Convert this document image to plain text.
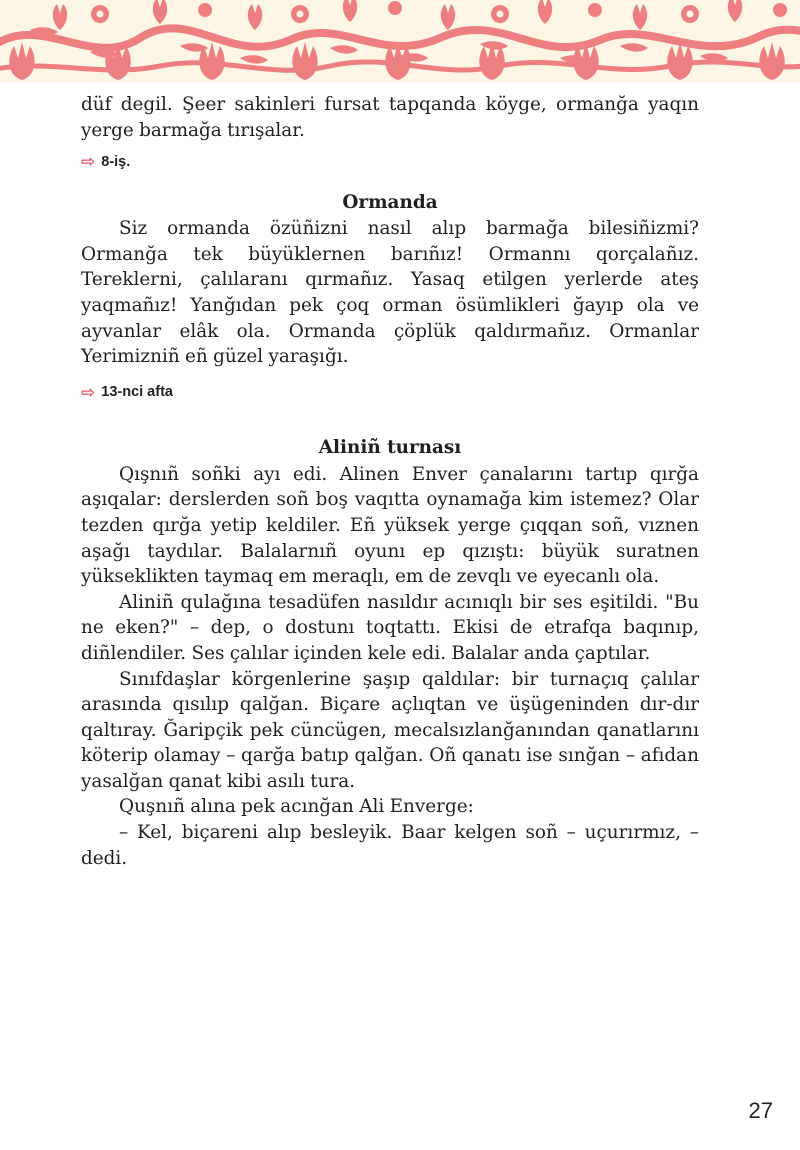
düf degil. Şeer sakinleri fursat tapqanda köyge, ormanğa yaqın yerge barmağa tırışalar.

⇨ 8-iş.
Ormanda

Siz ormanda özüñizni nasıl alıp barmağa bilesiñizmi? Ormanğa tek büyüklernen barıñız! Ormannı qorçalañız. Tereklerni, çalılaranı qırmañız. Yasaq etilgen yerlerde ateş yaqmañız! Yanğıdan pek çoq orman ösümlikleri ğayıp ola ve ayvanlar elâk ola. Ormanda çöplük qaldırmañız. Ormanlar Yerimizniñ eñ güzel yaraşığı.

⇨ 13-nci afta
Aliniñ turnası

Qışnıñ soñki ayı edi. Alinen Enver çanalarını tartıp qırğa aşıqalar: derslerden soñ boş vaqıtta oynamağa kim istemez? Olar tezden qırğa yetip keldiler. Eñ yüksek yerge çıqqan soñ, vıznen aşağı taydılar. Balalarnıñ oyunı ep qızıştı: büyük suratnen yükseklikten taymaq em meraqlı, em de zevqlı ve eyecanlı ola.

Aliniñ qulağına tesadüfen nasıldır acınıqlı bir ses eşitildi. "Bu ne eken?" – dep, o dostunı toqtattı. Ekisi de etrafqa baqınıp, diñlendiler. Ses çalılar içinden kele edi. Balalar anda çaptılar.

Sınıfdaşlar körgenlerine şaşıp qaldılar: bir turnaçıq çalılar arasında qısılıp qalğan. Biçare açlıqtan ve üşügeninden dır-dır qaltıray. Ğaripçik pek cüncügen, mecalsızlanğanından qanatlarını köterip olamay – qarğa batıp qalğan. Oñ qanatı ise sınğan – afıdan yasalğan qanat kibi asılı tura.

Quşnıñ alına pek acınğan Ali Enverge:

– Kel, biçareni alıp besleyik. Baar kelgen soñ – uçurırmız, – dedi.

27
